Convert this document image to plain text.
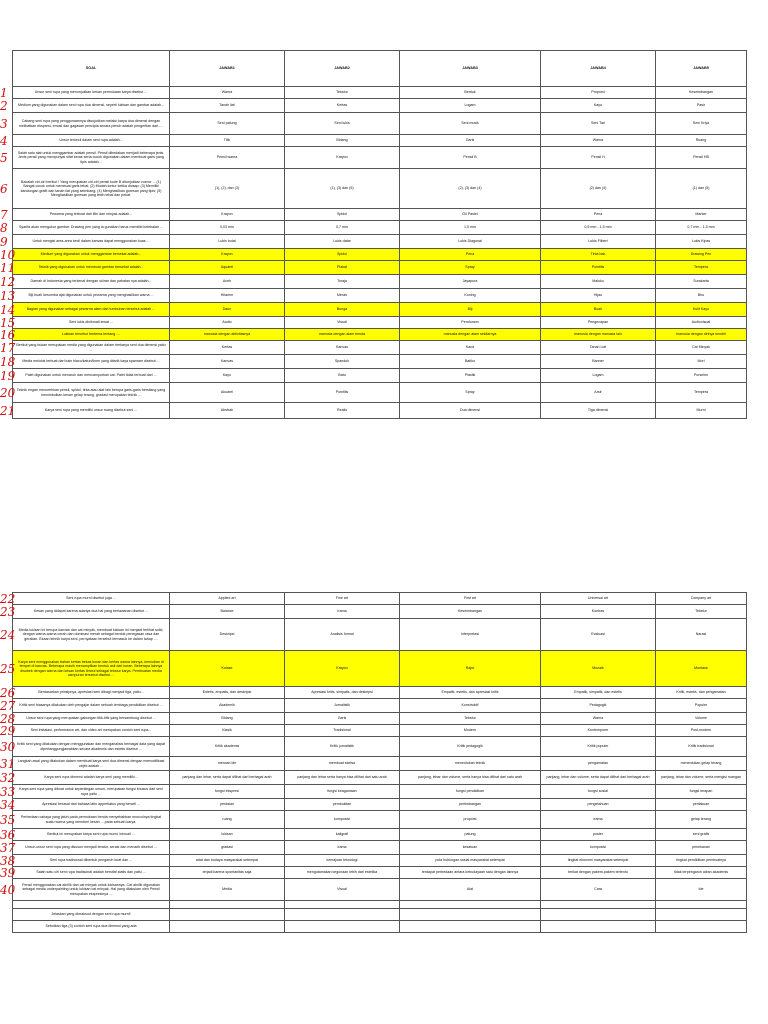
SOAL	JAWAB1	JAWAB2	JAWAB3	JAWAB4	JAWAB5
Unsur seni rupa yang menunjukkan kesan permukaan karya disebut ...	Warna	Tekstur	Bentuk	Proporsi	Keseimbangan
Medium yang digunakan dalam seni rupa dua dimensi, seperti lukisan dan gambar adalah...	Tanah liat	Kertas	Logam	Kayu	Pasir
Cabang seni rupa yang penggunaannya diwujudkan melalui karya dua dimensi dengan melibatkan ekspresi, emosi dan gagasan pencipta secara penuh adalah pengertian dari.....	Seni patung	Seni lukis	Seni musik	Seni Tari	Seni Kriya
Unsur terkecil dalam seni rupa adalah...	Titik	Bidang	Garis	Warna	Ruang
Salah satu alat untuk menggambar adalah pensil. Pensil dibedakan menjadi beberapa jenis. Jenis pensil yang mempunyai sifat keras serta cocok digunakan dalam membuat garis yang tipis adalah...	Pensil warna	Krayon	Pensil B	Pensil H	Pensil HB
Bacalah ciri-ciri berikut ! Yang merupakan ciri-ciri pensil kode B ditunjukkan nomor ... (1) Sangat cocok untuk membuat garis tebal; (2) Mudah luntur ketika diusap; (3) Memiliki kandungan grafit dan tanah liat yang seimbang; (4) Menghasilkan goresan yang tipis; (5) Menghasilkan goresan yang lebih tebal dan pekat.	(1), (2), dan (3)	(1), (3) dan (5)	(2), (3) dan (4)	(2) dan (4)	(1) dan (5)
Pewarna yang terbuat dari lilin dan minyak adalah...	Krayon	Spidol	Oil Pastel	Pena	Marker
Syarifa akan mengukur gambar. Drawing pen yang ia gunakan harus memiliki ketebalan ...	0,03 mm	0,7 mm	1,5 mm	0,5 mm - 1,5 mm	0,7 mm - 1,5 mm
Untuk mengisi area-area kecil dalam kanvas dapat menggunakan kuas ...	Lukis bulat	Lukis datar	Lukis Diagonal	Lukis Filbert	Lukis Kipas
Medium yang digunakan untuk menggambar bersekat adalah...	Krayon	Spidol	Pena	Tinta bak	Drawing Pen
Teknik yang digunakan untuk membuat gambar bersekat adalah...	Aquarel	Plakat	Spray	Pointilis	Tempera
Daerah di Indonesia yang terkenal dengan ukiran dan pahatan nya adalah...	Aceh	Toraja	Jayapura	Maluku	Surakarta
Biji buah kesumba ajat digunakan untuk pewarna yang menghasilkan warna ...	Hitamm	Merah	Kuning	Hijau	Biru
Bagian yang digunakan sebagai pewarna alam dari tumbuhan tersebut adalah ...	Daun	Bunga	Biji	Buah	Kulit Kayu
Seni lukis dinikmati lewat ...	Audio	Visual	Pendumon	Pengecapan	Audiovisual
Lukisan tersebut bertema tentang ....	manusia dengan aktivitasnya	manusia dengan alam benda	manusia dengan alam sekitarnya	manusia dengan manusia lain	manusia dengan dirinya sendiri
Berikut yang bukan merupakan media yang digunakan dalam berkarya seni dua dimensi yaitu ...	Kertas	Kanvas	Kaca	Tanah Liat	Cat Minyak
Media melukis terbuat dari kain blacu/katun/linen yang ditarik kaya spanram disebut ...	Kanvas	Spanduk	Batiko	Banner	Mori
Palet digunakan untuk menaruh dan mencampurkan cat. Palet tidak terbuat dari ...	Kayu	Batu	Plastik	Logam	Porselen
Teknik engan menorehkan pensil, spidol, tinta atau alat lain berupa garis-garis bersilang yang menimbulkan kesan gelap terang, gradasi merupakan teknik ...	Akuarel	Pointilis	Spray	Arsir	Tempera
Karya seni rupa yang memiliki unsur ruang disebut seni ...	Abstrak	Realis	Dua dimensi	Tiga dimensi	Murni
Seni rupa murni disebut juga ...	Applied art	Fine art	First art	Universal art	Company art
Kesan yang didapat karena adanya dua hal yang berlawanan disebut ...	Balance	Irama	Keseimbangan	Kontras	Tekstur
Media lukisan ini berupa kanvas dan cat minyak, membuat lukisan ini menjadi terlihat solid, dengan warna-warna cerah dan dominasi merah sebagai bentuk penegasan rasa dan gerakan. Ekaan tehnik karya seni, pernyataan tersebut termasuk ke dalam tahap ....	Deskripsi	Analisis formal	Interpretasi	Evaluasi	Narasi
Karya seni menggunakan bahan kertas bekas koran dan kertas warna lainnya, kemudian di tempel di kanvas. Beberapa masih menampilkan bentuk asli dari koran. Beberapa lainnya disobek dengan warna dan kesan kertas timbul sebagai tekstur karya. Pembuatan media campuran tersebut disebut ...	Kolase	Krayon	Rajut	Mozaik	Montase
Berdasarkan prinsipnya, apresiasi seni dibagi menjadi tiga, yaitu...	Estetis, empatis, dan deskripsi	Apresiasi kritis, simpatis, dan deskripsi	Empatik, estetis, dan apresiasi kritis	Empatik, simpatik, dan estetis	Kritik, estetis, dan pengamatan
Kritik seni biasanya dilakukan oleh pengajar dalam sebuah lembaga pendidikan disebut ...	Akademik	Jurnalistik	Konstruktif	Pedagogik	Populer
Unsur seni rupa yang merupakan gabungan titik-titik yang bersambung disebut ...	Bidang	Garis	Tekstur	Warna	Volume
Seni instalasi, performance art, dan video art merupakan contoh seni rupa...	Klasik	Tradisional	Modern	Kontemporer	Post-modern
Kritik seni yang dilakukan dengan menggunakan dan menganalisis berbagai data yang dapat dipertanggungjawabkan secara akademis dan estetis disebut ...	Kritik akademis	Kritik jurnalistik	Kritik pedagogik	Kritik populer	Kritik tradisional
Langkah awal yang dilakukan dalam membuat karya seni dua dimensi dengan memodifikasi objek adalah ...	mencari ide	membuat sketsa	menentukan teknik	pengamatan	menentukan gelap terang
Karya seni rupa dimensi adalah karya seni yang memiliki...	panjang dan lebar, serta dapat dilihat dari berbagai arah	panjang dan lebar serta hanya bisa dilihat dari satu arah	panjang, lebar dan volume, serta hanya bisa dilihat dari satu arah	panjang, lebar dan volume, serta dapat dilihat dari berbagai arah	panjang, lebar dan volume, serta mengisi ruangan
Karya seni rupa yang dibuat untuk kepentingan umum, merupakan fungsi khusus dari seni rupa yaitu ...	fungsi ekspresi	fungsi keagamaan	fungsi pendidikan	fungsi sosial	fungsi terapan
Apresiasi berasal dari bahasa latin appretiatus yang berarti ...	perdaian	pembuktian	pertimbangan	pengetahuan	perilakuan
Perbedaan cahaya yang jatuh pada permukaan benda menyebabkan munculnya tingkat suatu warna yang memberi kesan ... pada sebuah karya.	ruang	komposisi	proporsi	irama	gelap terang
Berikut ini merupakan karya seni rupa murni, kecuali ...	lukisan	kaligrafi	patung	poster	seni grafis
Unsur-unsur seni rupa yang disusun menjadi teratur, serasi dan menarik disebut ...	gradasi	irama	kesatuan	komposisi	penekanan
Seni rupa tradisional dibentuk pengaruh kuat dan ...	adat dan budaya masyarakat setempat	kemajuan teknologi	pola hubungan sosial masyarakat setempat	tingkat ekonomi masyarakat setempat	tingkat pendidikan pembuatnya
Salah satu ciri seni rupa tradisional adalah bersifat statis dan yaitu ...	terjadi karena spontanitas saja	mengutamakan kegunaan lebih dari estetika	terdapat perbedaan antara kebudayaan satu dengan lainnya	terikat dengan pakem-pakem tertentu	tidak terpengaruh aliran akademis
Pensil menggunakan cat akrilik dan cat minyak untuk lukisannya. Cat akrilik digunakan sebagai media underpainting untuk lukisan cat minyak. Hal yang dilakukan oleh Pensil merupakan ekspresinya ...	Media	Visual	Alat	Cara	Ide

Jelaskan yang dimaksud dengan seni rupa murni!					
Sebutkan tiga (3) contoh seni rupa dua dimensi yang ada					
1
2
3
4
5
6
7
8
9
10
11
12
13
14
15
16
17
18
19
20
21
22
23
24
25
26
27
28
29
30
31
32
33
34
35
36
37
38
39
40
